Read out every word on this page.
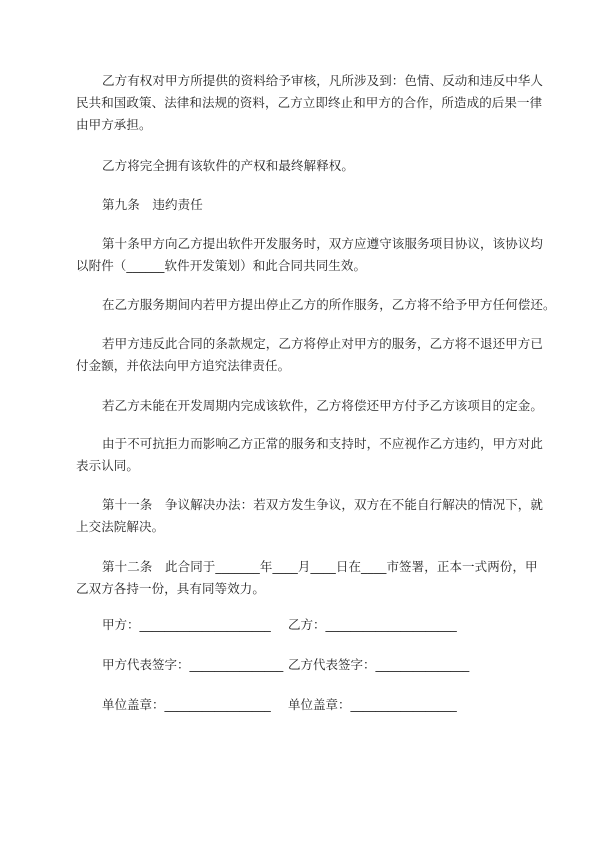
乙方有权对甲方所提供的资料给予审核，凡所涉及到：色情、反动和违反中华人
民共和国政策、法律和法规的资料，乙方立即终止和甲方的合作，所造成的后果一律
由甲方承担。

乙方将完全拥有该软件的产权和最终解释权。

第九条　违约责任

第十条甲方向乙方提出软件开发服务时，双方应遵守该服务项目协议，该协议均
以附件（______软件开发策划）和此合同共同生效。

在乙方服务期间内若甲方提出停止乙方的所作服务，乙方将不给予甲方任何偿还。

若甲方违反此合同的条款规定，乙方将停止对甲方的服务，乙方将不退还甲方已
付金额，并依法向甲方追究法律责任。

若乙方未能在开发周期内完成该软件，乙方将偿还甲方付予乙方该项目的定金。

由于不可抗拒力而影响乙方正常的服务和支持时，不应视作乙方违约，甲方对此
表示认同。

第十一条　争议解决办法：若双方发生争议，双方在不能自行解决的情况下，就
上交法院解决。

第十二条　此合同于_______年____月____日在____市签署，正本一式两份，甲
乙双方各持一份，具有同等效力。

甲方：_____________________ 乙方：_____________________
甲方代表签字：_______________ 乙方代表签字：_______________
单位盖章：_________________ 单位盖章：_________________
